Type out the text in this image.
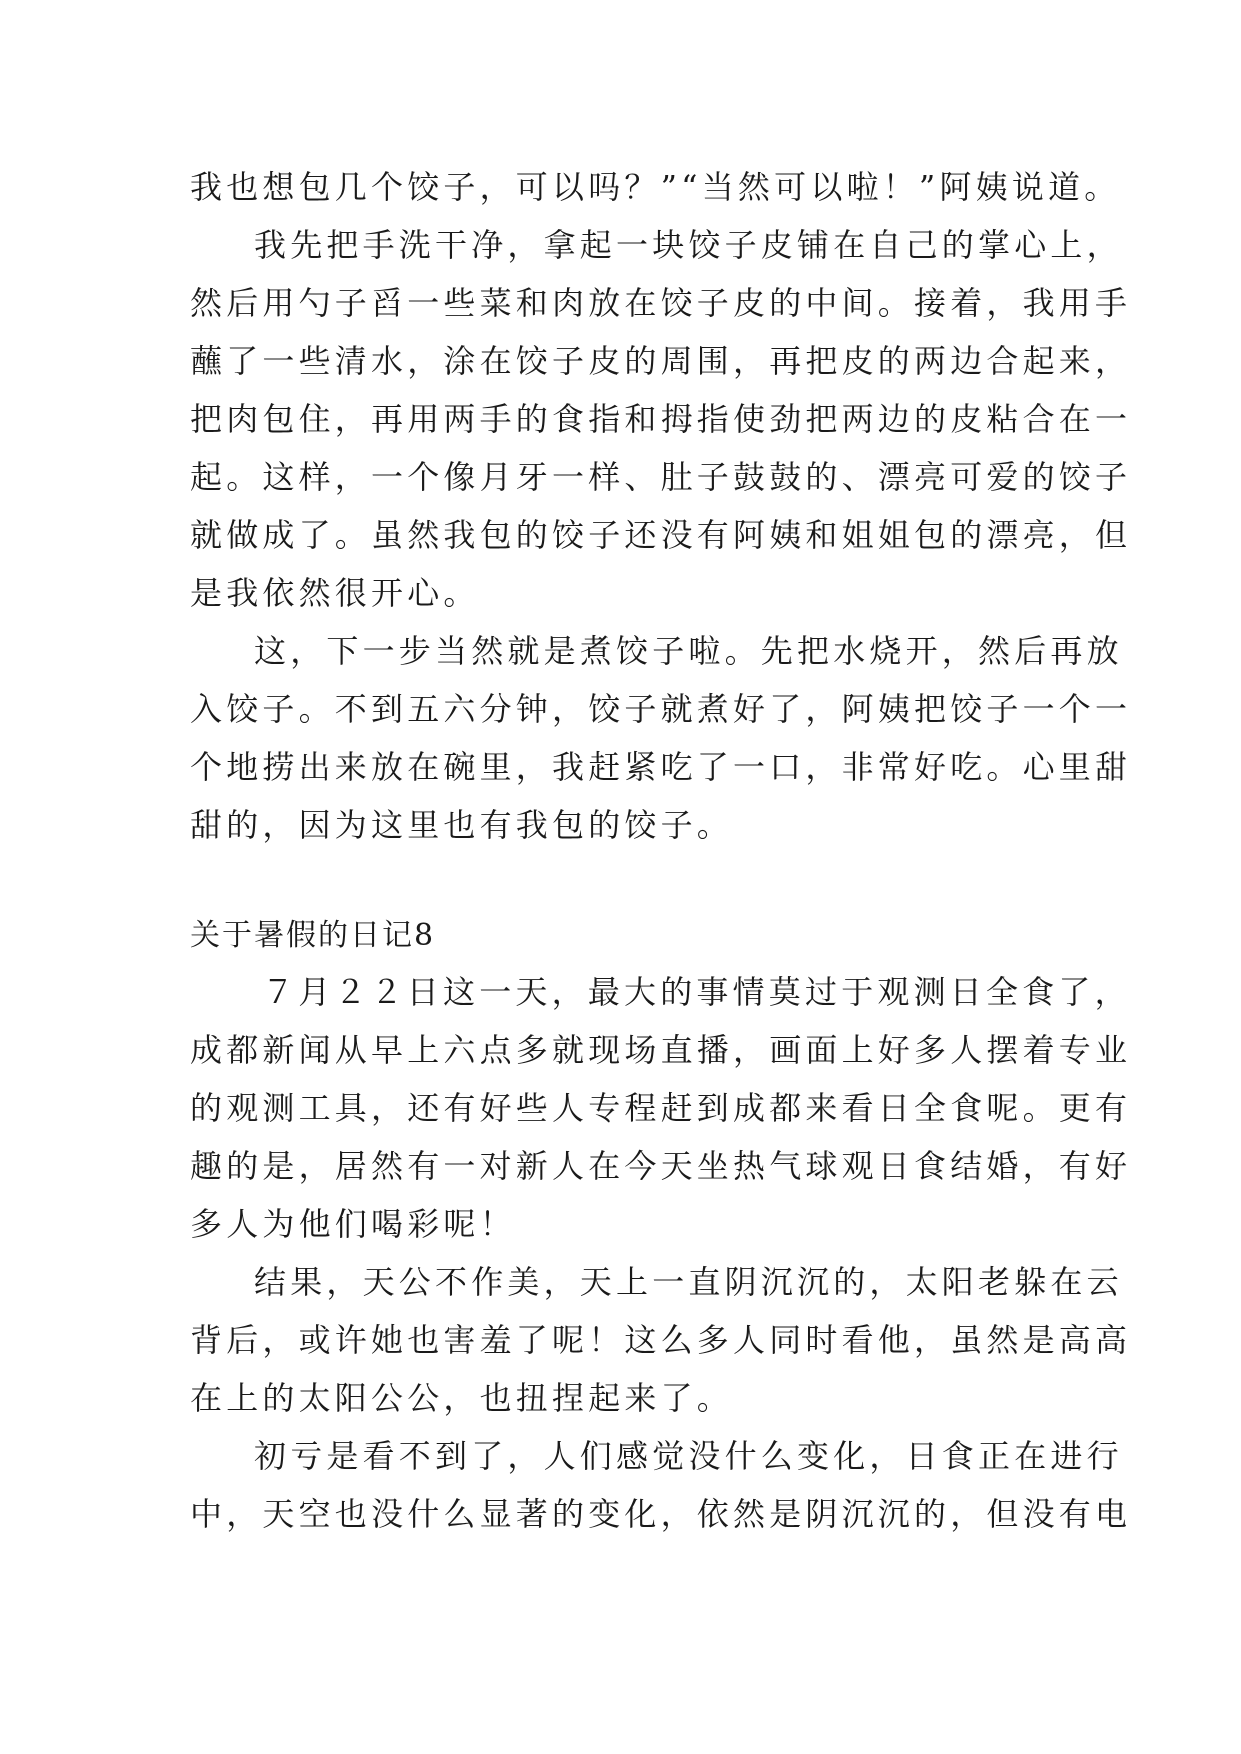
我也想包几个饺子，可以吗？”“当然可以啦！”阿姨说道。
我先把手洗干净，拿起一块饺子皮铺在自己的掌心上，
然后用勺子舀一些菜和肉放在饺子皮的中间。接着，我用手
蘸了一些清水，涂在饺子皮的周围，再把皮的两边合起来，
把肉包住，再用两手的食指和拇指使劲把两边的皮粘合在一
起。这样，一个像月牙一样、肚子鼓鼓的、漂亮可爱的饺子
就做成了。虽然我包的饺子还没有阿姨和姐姐包的漂亮，但
是我依然很开心。
这，下一步当然就是煮饺子啦。先把水烧开，然后再放
入饺子。不到五六分钟，饺子就煮好了，阿姨把饺子一个一
个地捞出来放在碗里，我赶紧吃了一口，非常好吃。心里甜
甜的，因为这里也有我包的饺子。
关于暑假的日记8
７月２２日这一天，最大的事情莫过于观测日全食了，
成都新闻从早上六点多就现场直播，画面上好多人摆着专业
的观测工具，还有好些人专程赶到成都来看日全食呢。更有
趣的是，居然有一对新人在今天坐热气球观日食结婚，有好
多人为他们喝彩呢！
结果，天公不作美，天上一直阴沉沉的，太阳老躲在云
背后，或许她也害羞了呢！这么多人同时看他，虽然是高高
在上的太阳公公，也扭捏起来了。
初亏是看不到了，人们感觉没什么变化，日食正在进行
中，天空也没什么显著的变化，依然是阴沉沉的，但没有电
